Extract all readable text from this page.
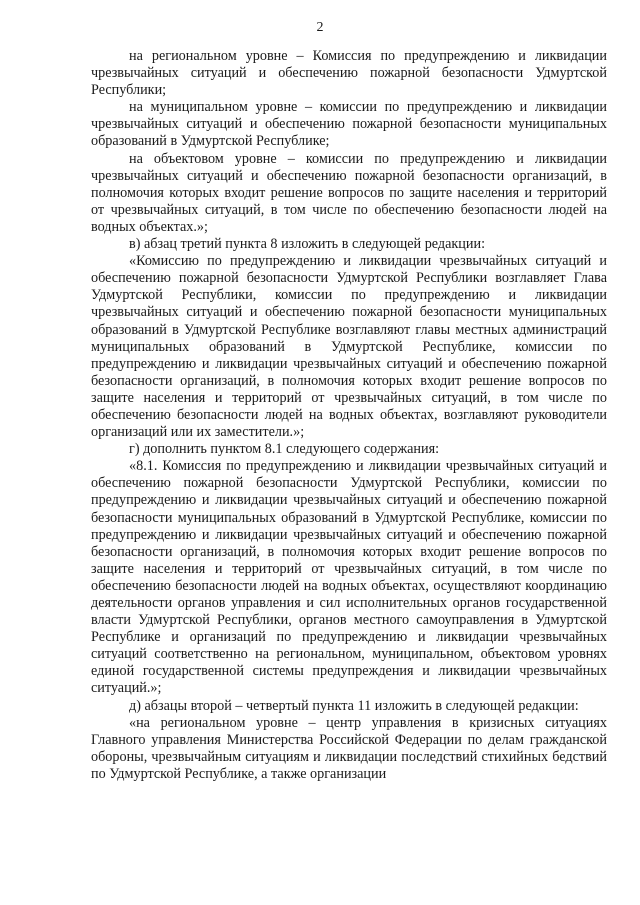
2

на региональном уровне – Комиссия по предупреждению и ликвидации чрезвычайных ситуаций и обеспечению пожарной безопасности Удмуртской Республики;

на муниципальном уровне – комиссии по предупреждению и ликвидации чрезвычайных ситуаций и обеспечению пожарной безопасности муниципальных образований в Удмуртской Республике;

на объектовом уровне – комиссии по предупреждению и ликвидации чрезвычайных ситуаций и обеспечению пожарной безопасности организаций, в полномочия которых входит решение вопросов по защите населения и территорий от чрезвычайных ситуаций, в том числе по обеспечению безопасности людей на водных объектах.»;

в) абзац третий пункта 8 изложить в следующей редакции:

«Комиссию по предупреждению и ликвидации чрезвычайных ситуаций и обеспечению пожарной безопасности Удмуртской Республики возглавляет Глава Удмуртской Республики, комиссии по предупреждению и ликвидации чрезвычайных ситуаций и обеспечению пожарной безопасности муниципальных образований в Удмуртской Республике возглавляют главы местных администраций муниципальных образований в Удмуртской Республике, комиссии по предупреждению и ликвидации чрезвычайных ситуаций и обеспечению пожарной безопасности организаций, в полномочия которых входит решение вопросов по защите населения и территорий от чрезвычайных ситуаций, в том числе по обеспечению безопасности людей на водных объектах, возглавляют руководители организаций или их заместители.»;

г) дополнить пунктом 8.1 следующего содержания:

«8.1. Комиссия по предупреждению и ликвидации чрезвычайных ситуаций и обеспечению пожарной безопасности Удмуртской Республики, комиссии по предупреждению и ликвидации чрезвычайных ситуаций и обеспечению пожарной безопасности муниципальных образований в Удмуртской Республике, комиссии по предупреждению и ликвидации чрезвычайных ситуаций и обеспечению пожарной безопасности организаций, в полномочия которых входит решение вопросов по защите населения и территорий от чрезвычайных ситуаций, в том числе по обеспечению безопасности людей на водных объектах, осуществляют координацию деятельности органов управления и сил исполнительных органов государственной власти Удмуртской Республики, органов местного самоуправления в Удмуртской Республике и организаций по предупреждению и ликвидации чрезвычайных ситуаций соответственно на региональном, муниципальном, объектовом уровнях единой государственной системы предупреждения и ликвидации чрезвычайных ситуаций.»;

д) абзацы второй – четвертый пункта 11 изложить в следующей редакции:

«на региональном уровне – центр управления в кризисных ситуациях Главного управления Министерства Российской Федерации по делам гражданской обороны, чрезвычайным ситуациям и ликвидации последствий стихийных бедствий по Удмуртской Республике, а также организации
